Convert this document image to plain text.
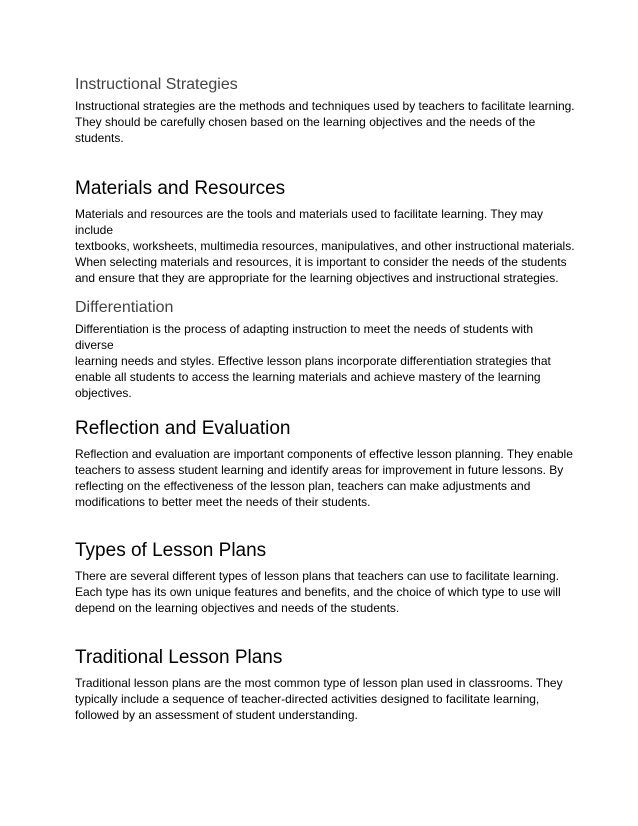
Instructional Strategies

Instructional strategies are the methods and techniques used by teachers to facilitate learning.
They should be carefully chosen based on the learning objectives and the needs of the
students.

Materials and Resources

Materials and resources are the tools and materials used to facilitate learning. They may include
textbooks, worksheets, multimedia resources, manipulatives, and other instructional materials.
When selecting materials and resources, it is important to consider the needs of the students
and ensure that they are appropriate for the learning objectives and instructional strategies.

Differentiation

Differentiation is the process of adapting instruction to meet the needs of students with diverse
learning needs and styles. Effective lesson plans incorporate differentiation strategies that
enable all students to access the learning materials and achieve mastery of the learning
objectives.

Reflection and Evaluation

Reflection and evaluation are important components of effective lesson planning. They enable
teachers to assess student learning and identify areas for improvement in future lessons. By
reflecting on the effectiveness of the lesson plan, teachers can make adjustments and
modifications to better meet the needs of their students.

Types of Lesson Plans

There are several different types of lesson plans that teachers can use to facilitate learning.
Each type has its own unique features and benefits, and the choice of which type to use will
depend on the learning objectives and needs of the students.

Traditional Lesson Plans

Traditional lesson plans are the most common type of lesson plan used in classrooms. They
typically include a sequence of teacher-directed activities designed to facilitate learning,
followed by an assessment of student understanding.
